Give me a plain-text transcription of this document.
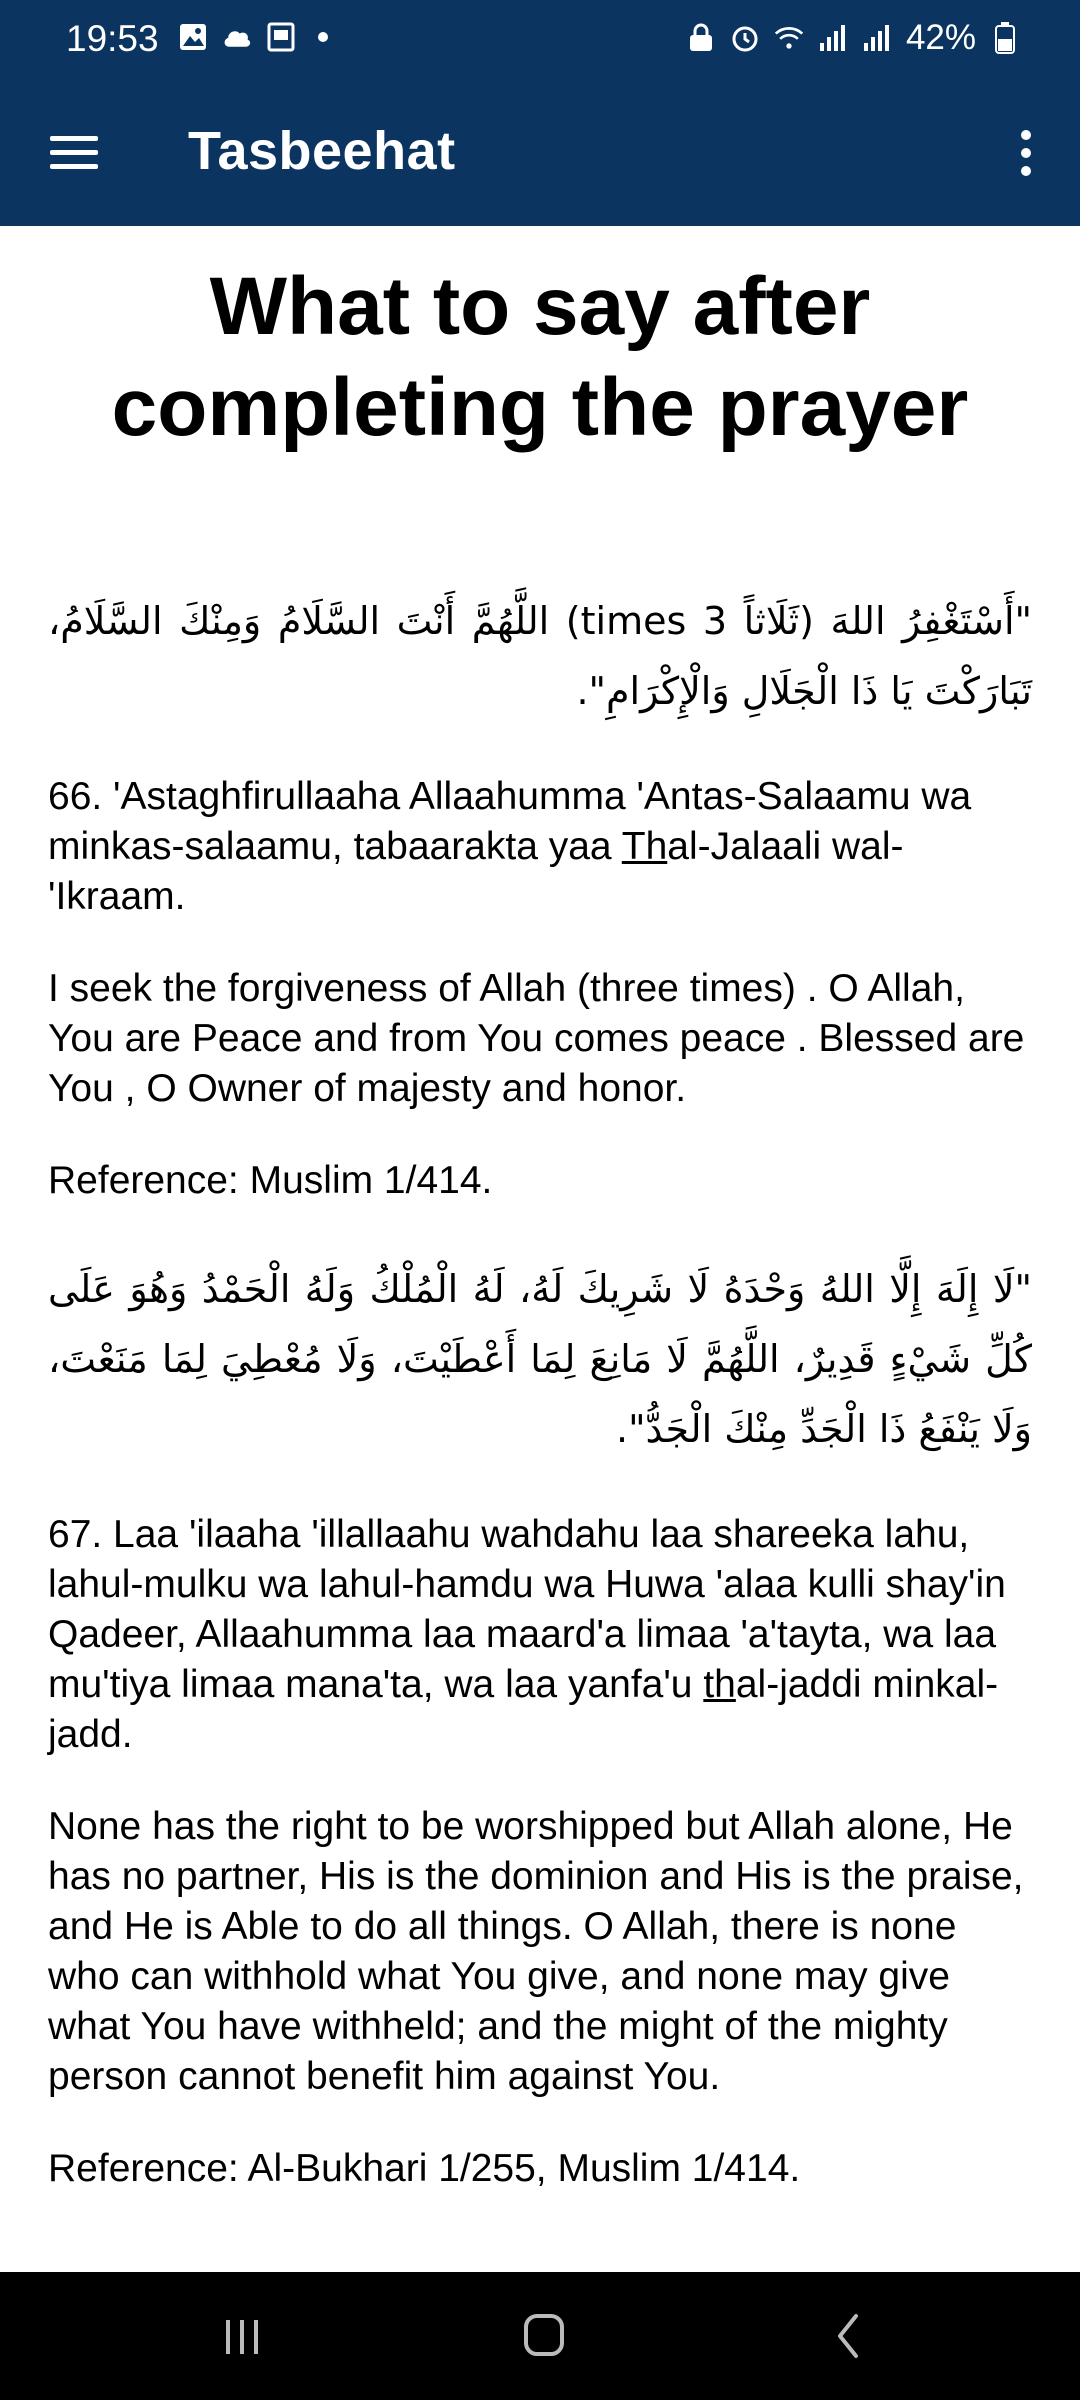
19:53	42%
Tasbeehat
What to say after completing the prayer
"أَسْتَغْفِرُ اللهَ (ثَلَاثاً 3 times) اللَّهُمَّ أَنْتَ السَّلَامُ وَمِنْكَ السَّلَامُ، تَبَارَكْتَ يَا ذَا الْجَلَالِ وَالْإِكْرَامِ".
66. 'Astaghfirullaaha Allaahumma 'Antas-Salaamu wa minkas-salaamu, tabaarakta yaa Thal-Jalaali wal-'Ikraam.
I seek the forgiveness of Allah (three times) . O Allah, You are Peace and from You comes peace . Blessed are You , O Owner of majesty and honor.
Reference: Muslim 1/414.
"لَا إِلَهَ إِلَّا اللهُ وَحْدَهُ لَا شَرِيكَ لَهُ، لَهُ الْمُلْكُ وَلَهُ الْحَمْدُ وَهُوَ عَلَى كُلِّ شَيْءٍ قَدِيرٌ، اللَّهُمَّ لَا مَانِعَ لِمَا أَعْطَيْتَ، وَلَا مُعْطِيَ لِمَا مَنَعْتَ، وَلَا يَنْفَعُ ذَا الْجَدِّ مِنْكَ الْجَدُّ".
67. Laa 'ilaaha 'illallaahu wahdahu laa shareeka lahu, lahul-mulku wa lahul-hamdu wa Huwa 'alaa kulli shay'in Qadeer, Allaahumma laa maard'a limaa 'a'tayta, wa laa mu'tiya limaa mana'ta, wa laa yanfa'u thal-jaddi minkal-jadd.
None has the right to be worshipped but Allah alone, He has no partner, His is the dominion and His is the praise, and He is Able to do all things. O Allah, there is none who can withhold what You give, and none may give what You have withheld; and the might of the mighty person cannot benefit him against You.
Reference: Al-Bukhari 1/255, Muslim 1/414.
